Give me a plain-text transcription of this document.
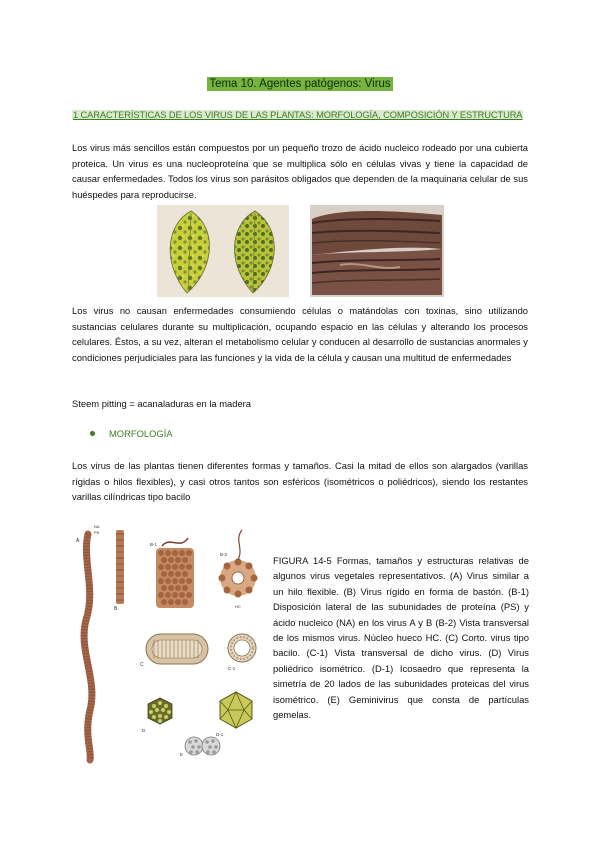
Tema 10. Agentes patógenos: Virus
1 CARACTERÍSTICAS DE LOS VIRUS DE LAS PLANTAS: MORFOLOGÍA, COMPOSICIÓN Y ESTRUCTURA

Los virus más sencillos están compuestos por un pequeño trozo de ácido nucleico rodeado por una cubierta proteica. Un virus es una nucleoproteína que se multiplica sólo en células vivas y tiene la capacidad de causar enfermedades. Todos los virus son parásitos obligados que dependen de la maquinaria celular de sus huéspedes para reproducirse.

Los virus no causan enfermedades consumiendo células o matándolas con toxinas, sino utilizando sustancias celulares durante su multiplicación, ocupando espacio en las células y alterando los procesos celulares. Éstos, a su vez, alteran el metabolismo celular y conducen al desarrollo de sustancias anormales y condiciones perjudiciales para las funciones y la vida de la célula y causan una multitud de enfermedades

Steem pitting = acanaladuras en la madera
MORFOLOGÍA

Los virus de las plantas tienen diferentes formas y tamaños. Casi la mitad de ellos son alargados (varillas rígidas o hilos flexibles), y casi otros tantos son esféricos (isométricos o poliédricos), siendo los restantes varillas cilíndricas tipo bacilo

A
NA
PS
B
B-1
B-2
HC
C
C-1
D
D-1
E

FIGURA 14-5 Formas, tamaños y estructuras relativas de algunos virus vegetales representativos. (A) Virus similar a un hilo flexible. (B) Virus rígido en forma de bastón. (B-1) Disposición lateral de las subunidades de proteína (PS) y ácido nucleico (NA) en los virus A y B (B-2) Vista transversal de los mismos virus. Núcleo hueco HC. (C) Corto. virus tipo bacilo. (C-1) Vista transversal de dicho virus. (D) Virus poliédrico isométrico. (D-1) Icosaedro que representa la simetría de 20 lados de las subunidades proteicas del virus isométrico. (E) Geminivirus que consta de partículas gemelas.
